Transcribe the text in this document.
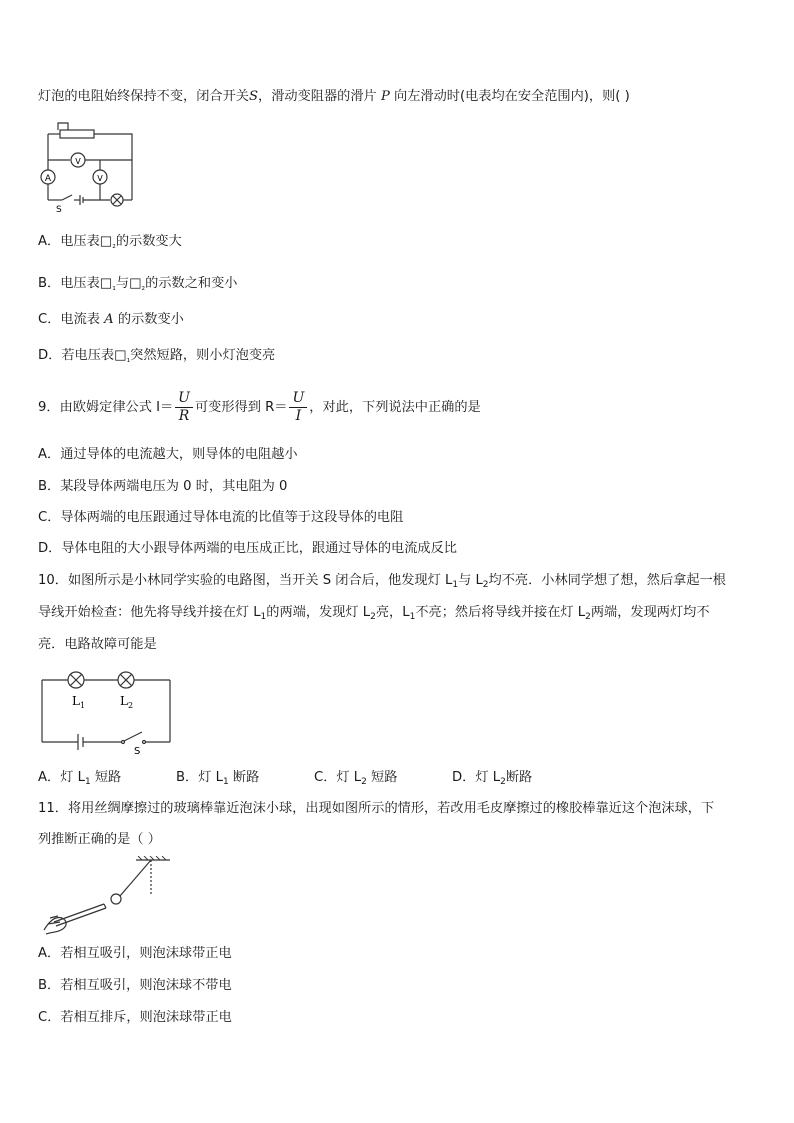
灯泡的电阻始终保持不变，闭合开关S，滑动变阻器的滑片 P 向左滑动时(电表均在安全范围内)，则( )
A
V
V
S
A．电压表$□_{_2}$的示数变大
B．电压表$□_{_1}$与$□_{_2}$的示数之和变小
C．电流表 A 的示数变小
D．若电压表$□_{_1}$突然短路，则小灯泡变亮
9．由欧姆定律公式 $I= \frac{U}{R}$ 可变形得到 $R= \frac{U}{I}$ ，对此，下列说法中正确的是
A．通过导体的电流越大，则导体的电阻越小
B．某段导体两端电压为 0 时，其电阻为 0
C．导体两端的电压跟通过导体电流的比值等于这段导体的电阻
D．导体电阻的大小跟导体两端的电压成正比，跟通过导体的电流成反比
10．如图所示是小林同学实验的电路图，当开关 S 闭合后，他发现灯 $L_1$与 $L_2$均不亮．小林同学想了想，然后拿起一根
导线开始检查：他先将导线并接在灯 $L_1$的两端，发现灯 $L_2$亮，$L_1$不亮；然后将导线并接在灯 $L_2$两端，发现两灯均不
亮．电路故障可能是
$L_1$	$L_2$
S
A．灯 $L_1$ 短路	B．灯 $L_1$ 断路	C．灯 $L_2$ 短路	D．灯 $L_2$断路
11．将用丝绸摩擦过的玻璃棒靠近泡沫小球，出现如图所示的情形，若改用毛皮摩擦过的橡胶棒靠近这个泡沫球，下
列推断正确的是（ ）
A．若相互吸引，则泡沫球带正电
B．若相互吸引，则泡沫球不带电
C．若相互排斥，则泡沫球带正电
